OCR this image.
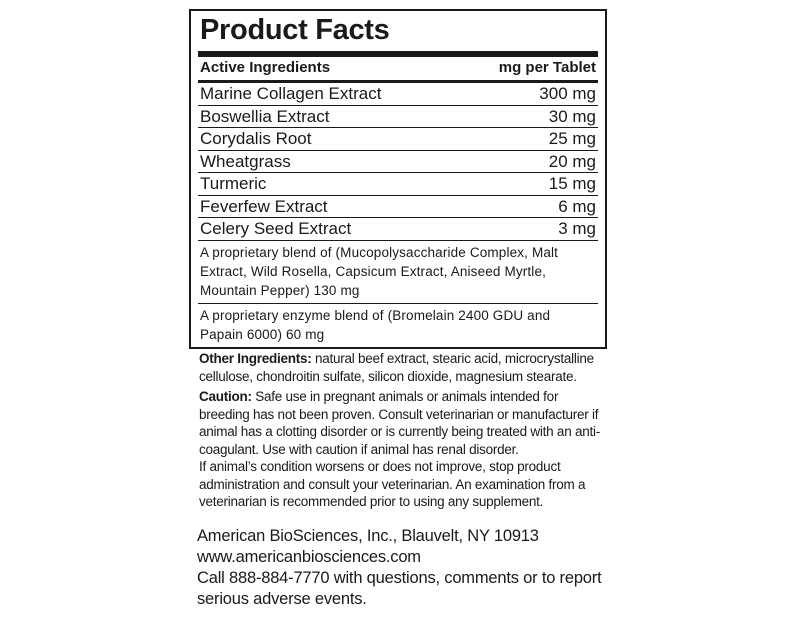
Product Facts
Active Ingredients	mg per Tablet
Marine Collagen Extract	300 mg
Boswellia Extract	30 mg
Corydalis Root	25 mg
Wheatgrass	20 mg
Turmeric	15 mg
Feverfew Extract	6 mg
Celery Seed Extract	3 mg
A proprietary blend of (Mucopolysaccharide Complex, Malt Extract, Wild Rosella, Capsicum Extract, Aniseed Myrtle, Mountain Pepper) 130 mg
A proprietary enzyme blend of (Bromelain 2400 GDU and Papain 6000) 60 mg
Other Ingredients: natural beef extract, stearic acid, microcrystalline cellulose, chondroitin sulfate, silicon dioxide, magnesium stearate.

Caution: Safe use in pregnant animals or animals intended for breeding has not been proven. Consult veterinarian or manufacturer if animal has a clotting disorder or is currently being treated with an anti-coagulant. Use with caution if animal has renal disorder.

If animal’s condition worsens or does not improve, stop product administration and consult your veterinarian. An examination from a veterinarian is recommended prior to using any supplement.

American BioSciences, Inc., Blauvelt, NY 10913

www.americanbiosciences.com

Call 888-884-7770 with questions, comments or to report serious adverse events.
